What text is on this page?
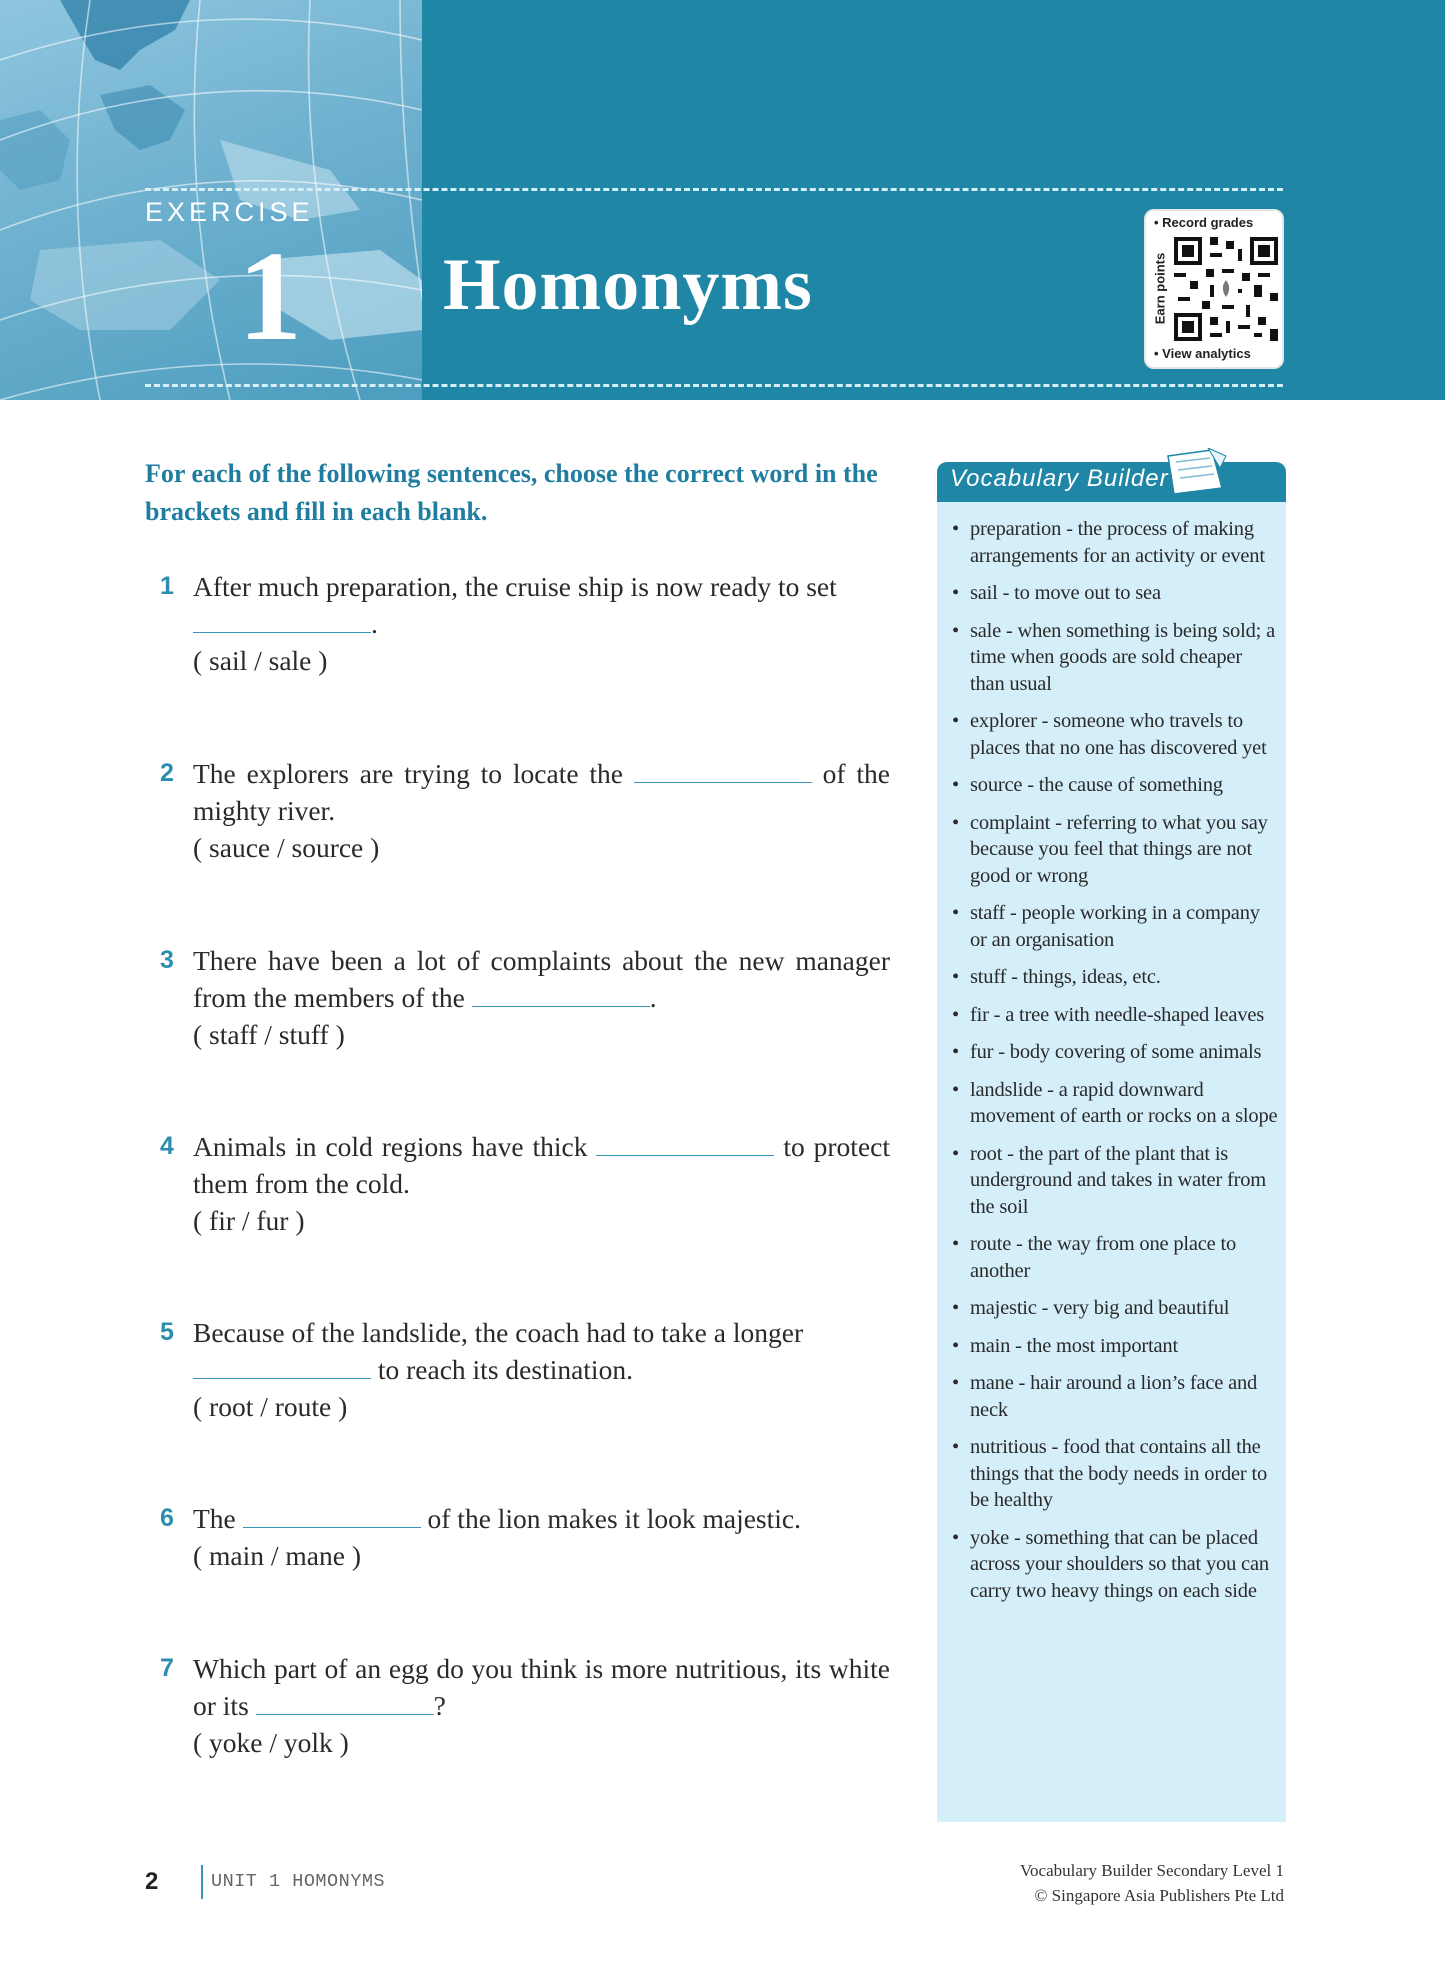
EXERCISE
1 Homonyms
• Record grades
Earn points
• View analytics
For each of the following sentences, choose the correct word in the brackets and fill in each blank.
1 After much preparation, the cruise ship is now ready to set
.
( sail / sale )
2 The explorers are trying to locate the	of the mighty river.
( sauce / source )
3 There have been a lot of complaints about the new manager from the members of the	.
( staff / stuff )
4 Animals in cold regions have thick	to protect them from the cold.
( fir / fur )
5 Because of the landslide, the coach had to take a longer
to reach its destination.
( root / route )
6 The	of the lion makes it look majestic.
( main / mane )
7 Which part of an egg do you think is more nutritious, its white or its	?
( yoke / yolk )
Vocabulary Builder
• preparation - the process of making arrangements for an activity or event
• sail - to move out to sea
• sale - when something is being sold; a time when goods are sold cheaper than usual
• explorer - someone who travels to places that no one has discovered yet
• source - the cause of something
• complaint - referring to what you say because you feel that things are not good or wrong
• staff - people working in a company or an organisation
• stuff - things, ideas, etc.
• fir - a tree with needle-shaped leaves
• fur - body covering of some animals
• landslide - a rapid downward movement of earth or rocks on a slope
• root - the part of the plant that is underground and takes in water from the soil
• route - the way from one place to another
• majestic - very big and beautiful
• main - the most important
• mane - hair around a lion’s face and neck
• nutritious - food that contains all the things that the body needs in order to be healthy
• yoke - something that can be placed across your shoulders so that you can carry two heavy things on each side
2	UNIT 1 HOMONYMS
Vocabulary Builder Secondary Level 1
© Singapore Asia Publishers Pte Ltd
